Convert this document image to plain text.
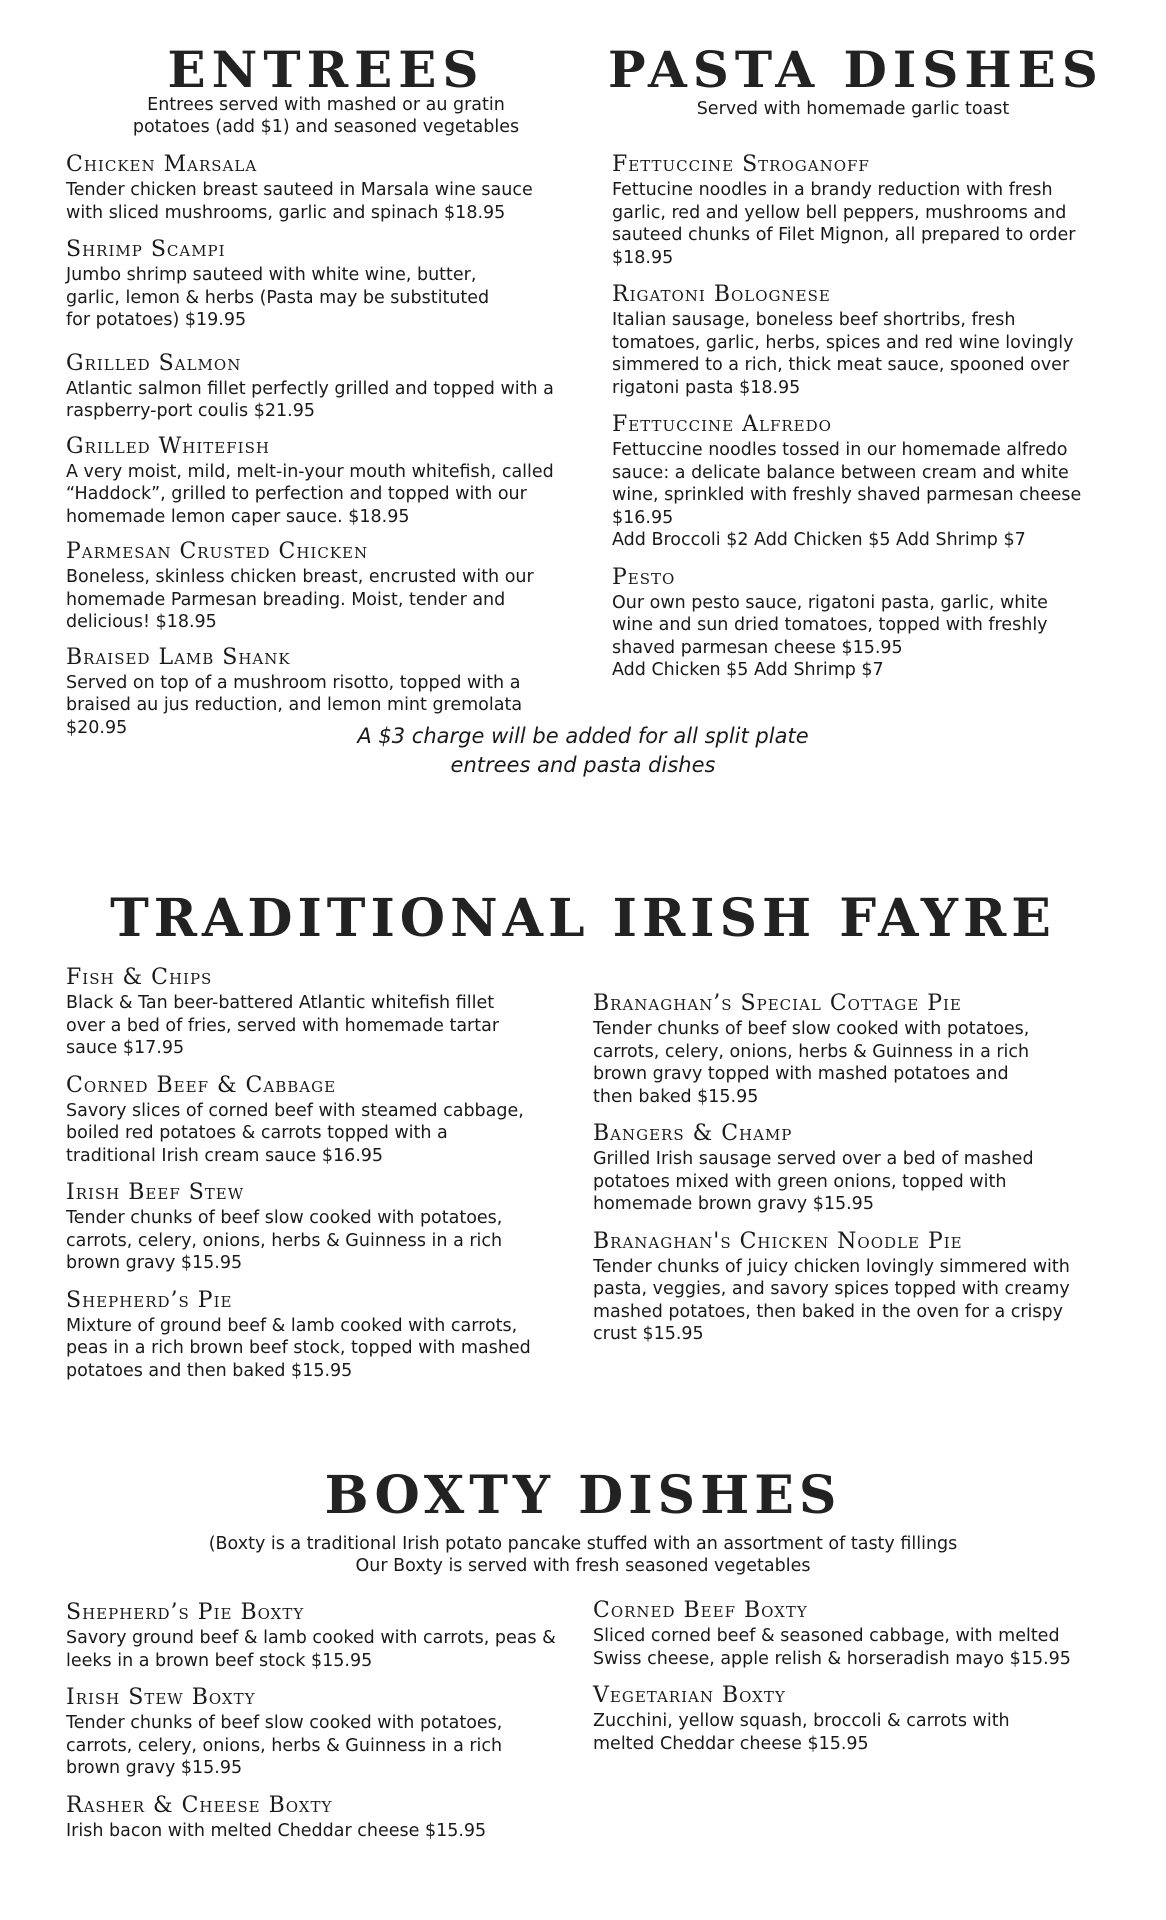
ENTREES
Entrees served with mashed or au gratin
potatoes (add $1) and seasoned vegetables
PASTA DISHES
Served with homemade garlic toast
Chicken Marsala

Tender chicken breast sauteed in Marsala wine sauce with sliced mushrooms, garlic and spinach $18.95

Shrimp Scampi

Jumbo shrimp sauteed with white wine, butter, garlic, lemon & herbs (Pasta may be substituted for potatoes) $19.95

Grilled Salmon

Atlantic salmon fillet perfectly grilled and topped with a raspberry-port coulis $21.95

Grilled Whitefish

A very moist, mild, melt-in-your mouth whitefish, called “Haddock”, grilled to perfection and topped with our homemade lemon caper sauce. $18.95

Parmesan Crusted Chicken

Boneless, skinless chicken breast, encrusted with our homemade Parmesan breading. Moist, tender and delicious! $18.95

Braised Lamb Shank

Served on top of a mushroom risotto, topped with a braised au jus reduction, and lemon mint gremolata $20.95

Fettuccine Stroganoff

Fettucine noodles in a brandy reduction with fresh garlic, red and yellow bell peppers, mushrooms and sauteed chunks of Filet Mignon, all prepared to order $18.95

Rigatoni Bolognese

Italian sausage, boneless beef shortribs, fresh tomatoes, garlic, herbs, spices and red wine lovingly simmered to a rich, thick meat sauce, spooned over rigatoni pasta $18.95

Fettuccine Alfredo

Fettuccine noodles tossed in our homemade alfredo sauce: a delicate balance between cream and white wine, sprinkled with freshly shaved parmesan cheese $16.95

Add Broccoli $2 Add Chicken $5 Add Shrimp $7

Pesto

Our own pesto sauce, rigatoni pasta, garlic, white wine and sun dried tomatoes, topped with freshly shaved parmesan cheese $15.95

Add Chicken $5 Add Shrimp $7

A $3 charge will be added for all split plate
entrees and pasta dishes
TRADITIONAL IRISH FAYRE
Fish & Chips

Black & Tan beer-battered Atlantic whitefish fillet over a bed of fries, served with homemade tartar sauce $17.95

Corned Beef & Cabbage

Savory slices of corned beef with steamed cabbage, boiled red potatoes & carrots topped with a traditional Irish cream sauce $16.95

Irish Beef Stew

Tender chunks of beef slow cooked with potatoes, carrots, celery, onions, herbs & Guinness in a rich brown gravy $15.95

Shepherd’s Pie

Mixture of ground beef & lamb cooked with carrots, peas in a rich brown beef stock, topped with mashed potatoes and then baked $15.95

Branaghan’s Special Cottage Pie

Tender chunks of beef slow cooked with potatoes, carrots, celery, onions, herbs & Guinness in a rich brown gravy topped with mashed potatoes and then baked $15.95

Bangers & Champ

Grilled Irish sausage served over a bed of mashed potatoes mixed with green onions, topped with homemade brown gravy $15.95

Branaghan's Chicken Noodle Pie

Tender chunks of juicy chicken lovingly simmered with pasta, veggies, and savory spices topped with creamy mashed potatoes, then baked in the oven for a crispy crust $15.95

BOXTY DISHES
(Boxty is a traditional Irish potato pancake stuffed with an assortment of tasty fillings
Our Boxty is served with fresh seasoned vegetables
Shepherd’s Pie Boxty

Savory ground beef & lamb cooked with carrots, peas & leeks in a brown beef stock $15.95

Irish Stew Boxty

Tender chunks of beef slow cooked with potatoes, carrots, celery, onions, herbs & Guinness in a rich brown gravy $15.95

Rasher & Cheese Boxty

Irish bacon with melted Cheddar cheese $15.95

Corned Beef Boxty

Sliced corned beef & seasoned cabbage, with melted Swiss cheese, apple relish & horseradish mayo $15.95

Vegetarian Boxty

Zucchini, yellow squash, broccoli & carrots with melted Cheddar cheese $15.95
